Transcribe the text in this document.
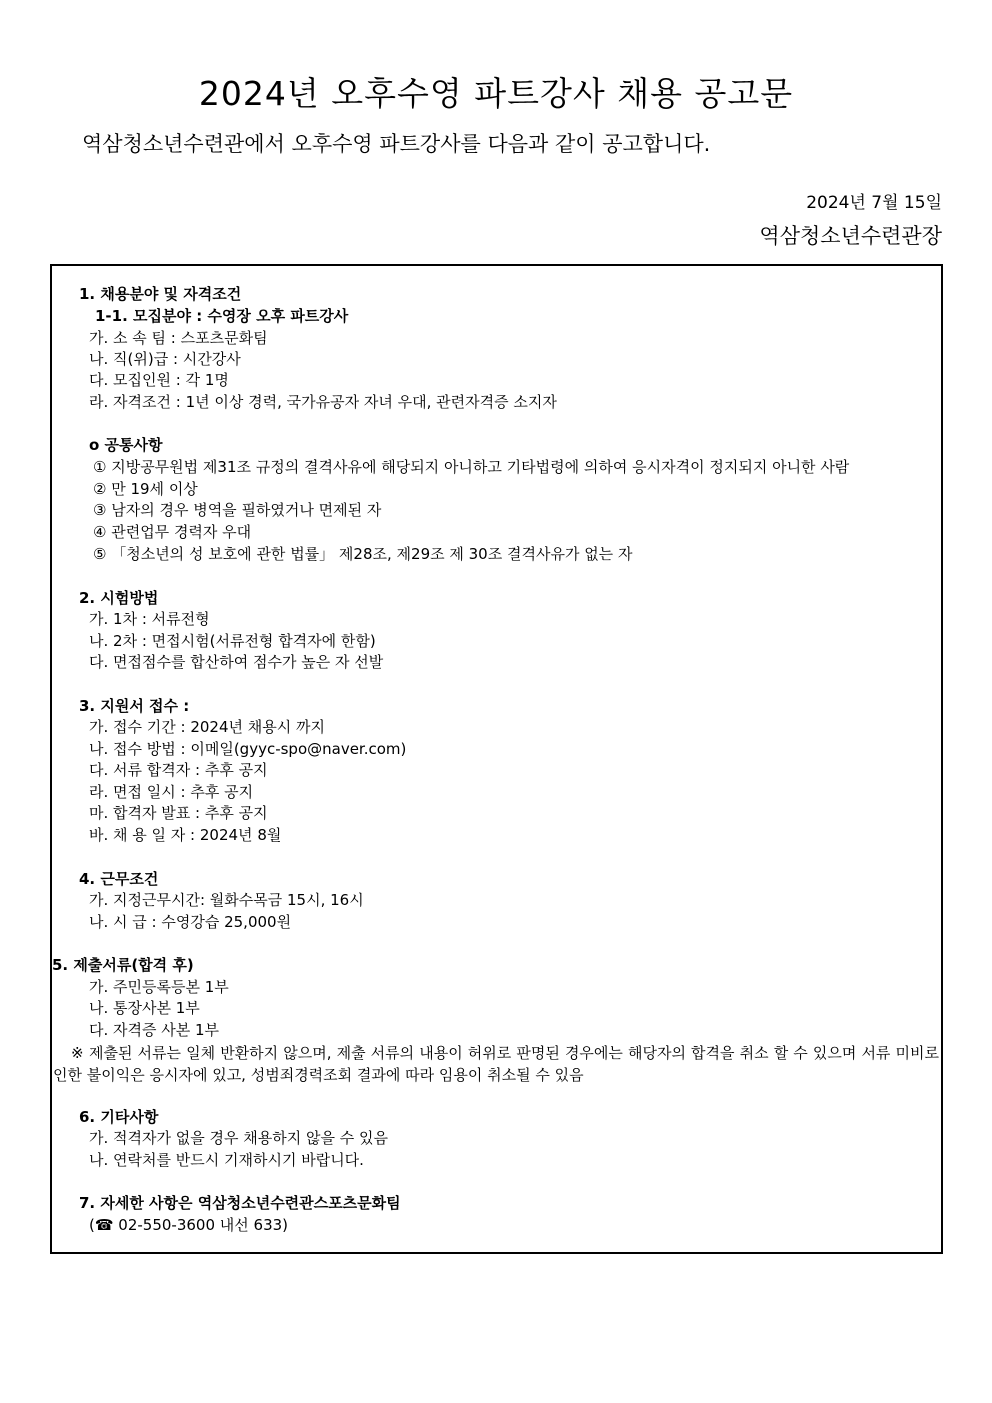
2024년 오후수영 파트강사 채용 공고문

역삼청소년수련관에서 오후수영 파트강사를 다음과 같이 공고합니다.

2024년 7월 15일
역삼청소년수련관장
1. 채용분야 및 자격조건
1-1. 모집분야 : 수영장 오후 파트강사
가. 소 속 팀 : 스포츠문화팀
나. 직(위)급 : 시간강사
다. 모집인원 : 각 1명
라. 자격조건 : 1년 이상 경력, 국가유공자 자녀 우대, 관련자격증 소지자
o 공통사항
① 지방공무원법 제31조 규정의 결격사유에 해당되지 아니하고 기타법령에 의하여 응시자격이 정지되지 아니한 사람
② 만 19세 이상
③ 남자의 경우 병역을 필하였거나 면제된 자
④ 관련업무 경력자 우대
⑤ 「청소년의 성 보호에 관한 법률」 제28조, 제29조 제 30조 결격사유가 없는 자
2. 시험방법
가. 1차 : 서류전형
나. 2차 : 면접시험(서류전형 합격자에 한함)
다. 면접점수를 합산하여 점수가 높은 자 선발
3. 지원서 접수 :
가. 접수 기간 : 2024년 채용시 까지
나. 접수 방법 : 이메일(gyyc-spo@naver.com)
다. 서류 합격자 : 추후 공지
라. 면접 일시 : 추후 공지
마. 합격자 발표 : 추후 공지
바. 채 용 일 자 : 2024년 8월
4. 근무조건
가. 지정근무시간: 월화수목금 15시, 16시
나. 시 급 : 수영강습 25,000원
5. 제출서류(합격 후)
가. 주민등록등본 1부
나. 통장사본 1부
다. 자격증 사본 1부
※ 제출된 서류는 일체 반환하지 않으며, 제출 서류의 내용이 허위로 판명된 경우에는 해당자의 합격을 취소 할 수 있으며 서류 미비로 인한 불이익은 응시자에 있고, 성범죄경력조회 결과에 따라 임용이 취소될 수 있음
6. 기타사항
가. 적격자가 없을 경우 채용하지 않을 수 있음
나. 연락처를 반드시 기재하시기 바랍니다.
7. 자세한 사항은 역삼청소년수련관스포츠문화팀
(☎ 02-550-3600 내선 633)
